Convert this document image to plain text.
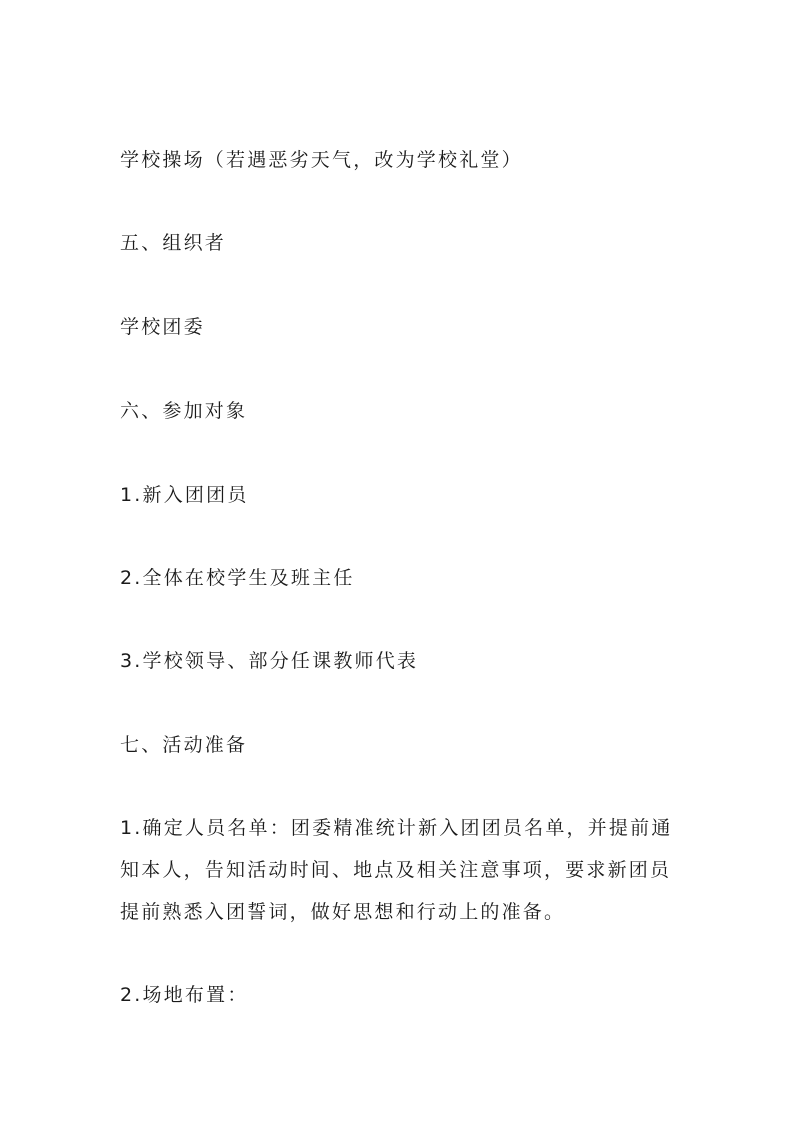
学校操场（若遇恶劣天气，改为学校礼堂）
五、组织者
学校团委
六、参加对象
1.新入团团员
2.全体在校学生及班主任
3.学校领导、部分任课教师代表
七、活动准备
1.确定人员名单：团委精准统计新入团团员名单，并提前通
知本人，告知活动时间、地点及相关注意事项，要求新团员
提前熟悉入团誓词，做好思想和行动上的准备。
2.场地布置：
